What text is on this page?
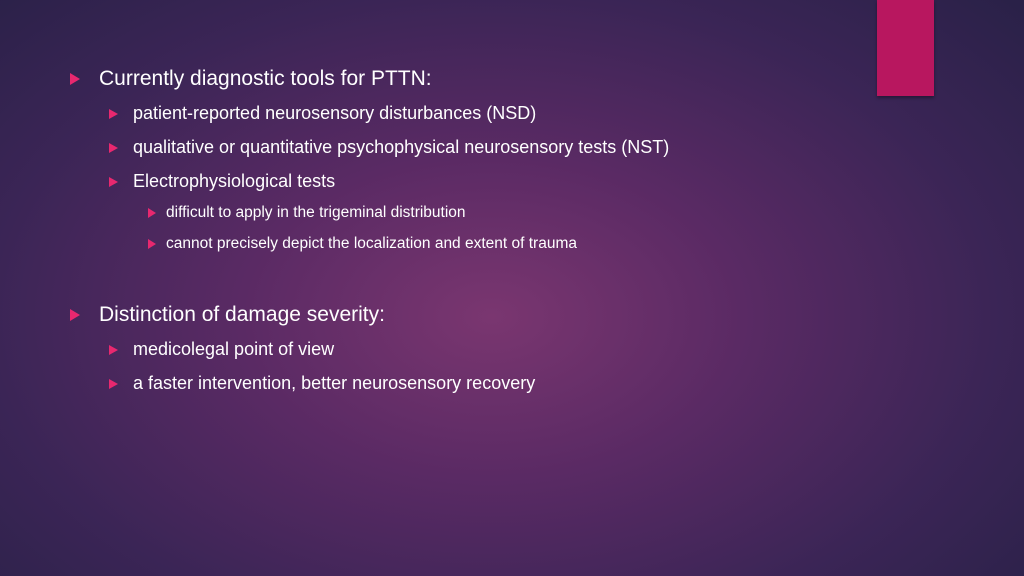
Currently diagnostic tools for PTTN:
patient-reported neurosensory disturbances (NSD)
qualitative or quantitative psychophysical neurosensory tests (NST)
Electrophysiological tests
difficult to apply in the trigeminal distribution
cannot precisely depict the localization and extent of trauma
Distinction of damage severity:
medicolegal point of view
a faster intervention, better neurosensory recovery
